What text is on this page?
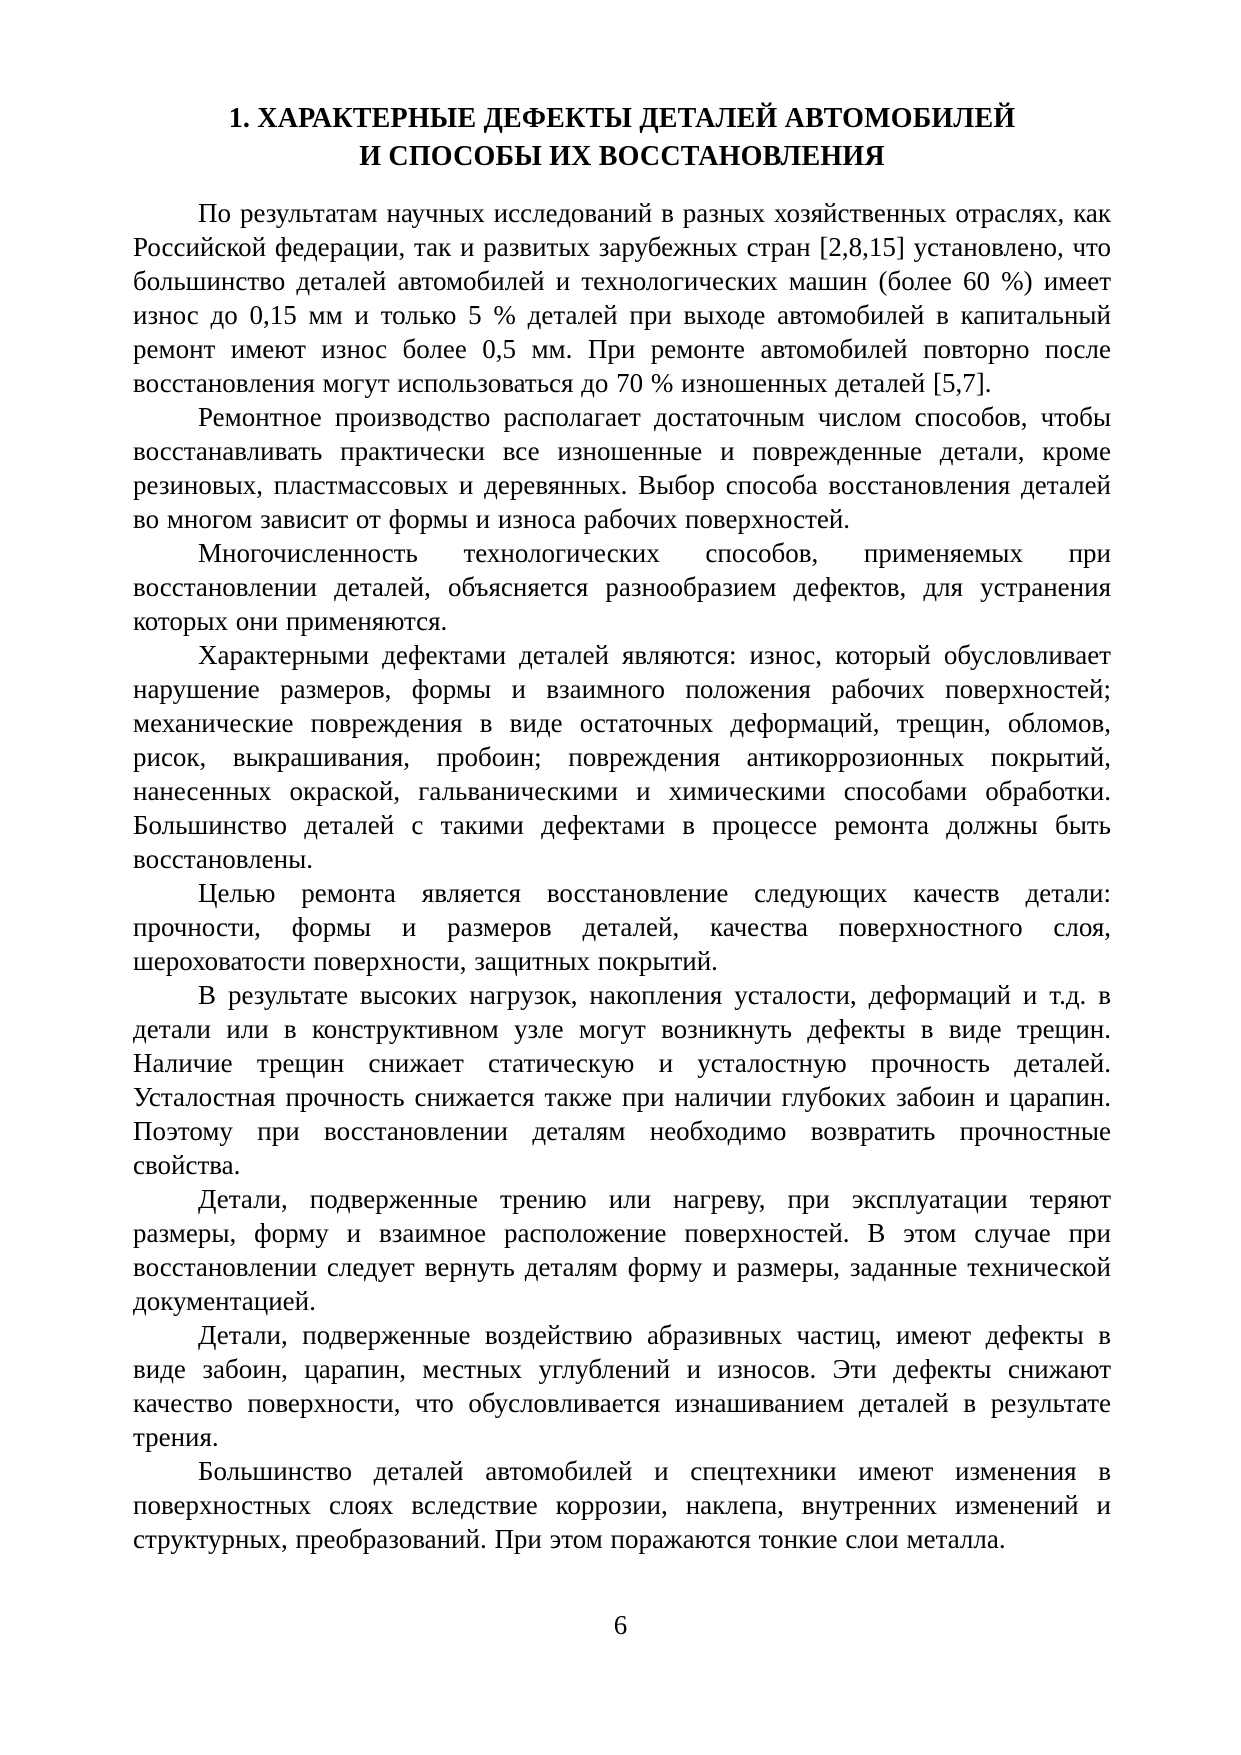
1. ХАРАКТЕРНЫЕ ДЕФЕКТЫ ДЕТАЛЕЙ АВТОМОБИЛЕЙ
И СПОСОБЫ ИХ ВОССТАНОВЛЕНИЯ

По результатам научных исследований в разных хозяйственных отраслях, как Российской федерации, так и развитых зарубежных стран [2,8,15] установлено, что большинство деталей автомобилей и технологических машин (более 60 %) имеет износ до 0,15 мм и только 5 % деталей при выходе автомобилей в капитальный ремонт имеют износ более 0,5 мм. При ремонте автомобилей повторно после восстановления могут использоваться до 70 % изношенных деталей [5,7].

Ремонтное производство располагает достаточным числом способов, чтобы восстанавливать практически все изношенные и поврежденные детали, кроме резиновых, пластмассовых и деревянных. Выбор способа восстановления деталей во многом зависит от формы и износа рабочих поверхностей.

Многочисленность технологических способов, применяемых при восстановлении деталей, объясняется разнообразием дефектов, для устранения которых они применяются.

Характерными дефектами деталей являются: износ, который обусловливает нарушение размеров, формы и взаимного положения рабочих поверхностей; механические повреждения в виде остаточных деформаций, трещин, обломов, рисок, выкрашивания, пробоин; повреждения антикоррозионных покрытий, нанесенных окраской, гальваническими и химическими способами обработки. Большинство деталей с такими дефектами в процессе ремонта должны быть восстановлены.

Целью ремонта является восстановление следующих качеств детали: прочности, формы и размеров деталей, качества поверхностного слоя, шероховатости поверхности, защитных покрытий.

В результате высоких нагрузок, накопления усталости, деформаций и т.д. в детали или в конструктивном узле могут возникнуть дефекты в виде трещин. Наличие трещин снижает статическую и усталостную прочность деталей. Усталостная прочность снижается также при наличии глубоких забоин и царапин. Поэтому при восстановлении деталям необходимо возвратить прочностные свойства.

Детали, подверженные трению или нагреву, при эксплуатации теряют размеры, форму и взаимное расположение поверхностей. В этом случае при восстановлении следует вернуть деталям форму и размеры, заданные технической документацией.

Детали, подверженные воздействию абразивных частиц, имеют дефекты в виде забоин, царапин, местных углублений и износов. Эти дефекты снижают качество поверхности, что обусловливается изнашиванием деталей в результате трения.

Большинство деталей автомобилей и спецтехники имеют изменения в поверхностных слоях вследствие коррозии, наклепа, внутренних изменений и структурных, преобразований. При этом поражаются тонкие слои металла.

6
